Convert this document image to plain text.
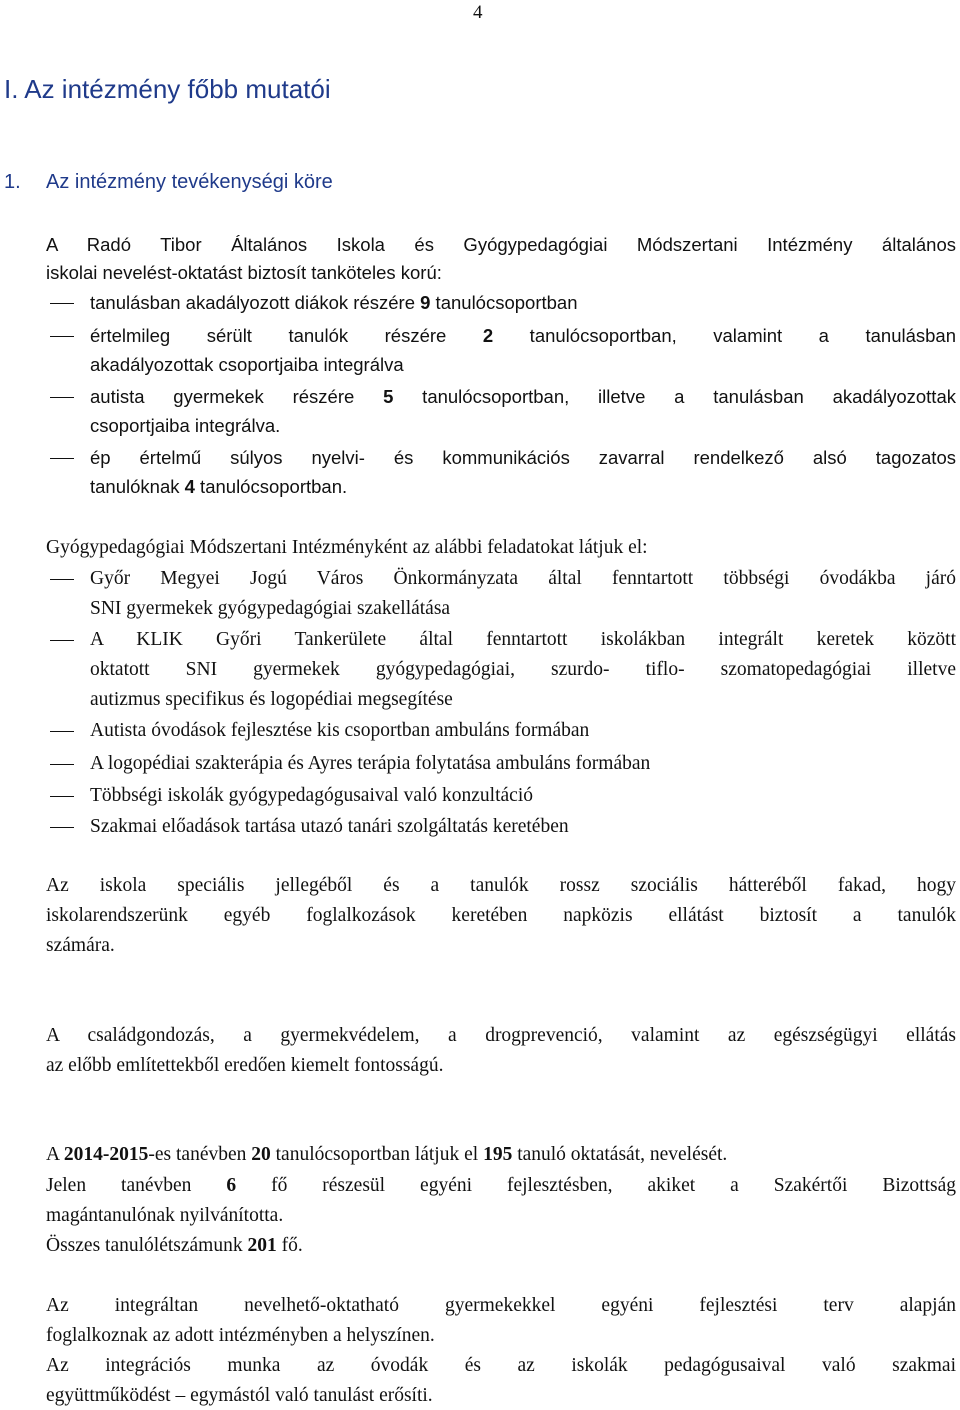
4
I. Az intézmény főbb mutatói
1. Az intézmény tevékenységi köre
A Radó Tibor Általános Iskola és Gyógypedagógiai Módszertani Intézmény általános
iskolai nevelést-oktatást biztosít tanköteles korú:
tanulásban akadályozott diákok részére 9 tanulócsoportban
értelmileg sérült tanulók részére 2 tanulócsoportban, valamint a tanulásban
akadályozottak csoportjaiba integrálva
autista gyermekek részére 5 tanulócsoportban, illetve a tanulásban akadályozottak
csoportjaiba integrálva.
ép értelmű súlyos nyelvi- és kommunikációs zavarral rendelkező alsó tagozatos
tanulóknak 4 tanulócsoportban.
Gyógypedagógiai Módszertani Intézményként az alábbi feladatokat látjuk el:
Győr Megyei Jogú Város Önkormányzata által fenntartott többségi óvodákba járó
SNI gyermekek gyógypedagógiai szakellátása
A KLIK Győri Tankerülete által fenntartott iskolákban integrált keretek között
oktatott SNI gyermekek gyógypedagógiai, szurdo- tiflo- szomatopedagógiai illetve
autizmus specifikus és logopédiai megsegítése
Autista óvodások fejlesztése kis csoportban ambuláns formában
A logopédiai szakterápia és Ayres terápia folytatása ambuláns formában
Többségi iskolák gyógypedagógusaival való konzultáció
Szakmai előadások tartása utazó tanári szolgáltatás keretében
Az iskola speciális jellegéből és a tanulók rossz szociális hátteréből fakad, hogy
iskolarendszerünk egyéb foglalkozások keretében napközis ellátást biztosít a tanulók
számára.
A családgondozás, a gyermekvédelem, a drogprevenció, valamint az egészségügyi ellátás
az előbb említettekből eredően kiemelt fontosságú.
A 2014-2015-es tanévben 20 tanulócsoportban látjuk el 195 tanuló oktatását, nevelését.
Jelen tanévben 6 fő részesül egyéni fejlesztésben, akiket a Szakértői Bizottság
magántanulónak nyilvánította.
Összes tanulólétszámunk 201 fő.
Az integráltan nevelhető-oktatható gyermekekkel egyéni fejlesztési terv alapján
foglalkoznak az adott intézményben a helyszínen.
Az integrációs munka az óvodák és az iskolák pedagógusaival való szakmai
együttműködést – egymástól való tanulást erősíti.
